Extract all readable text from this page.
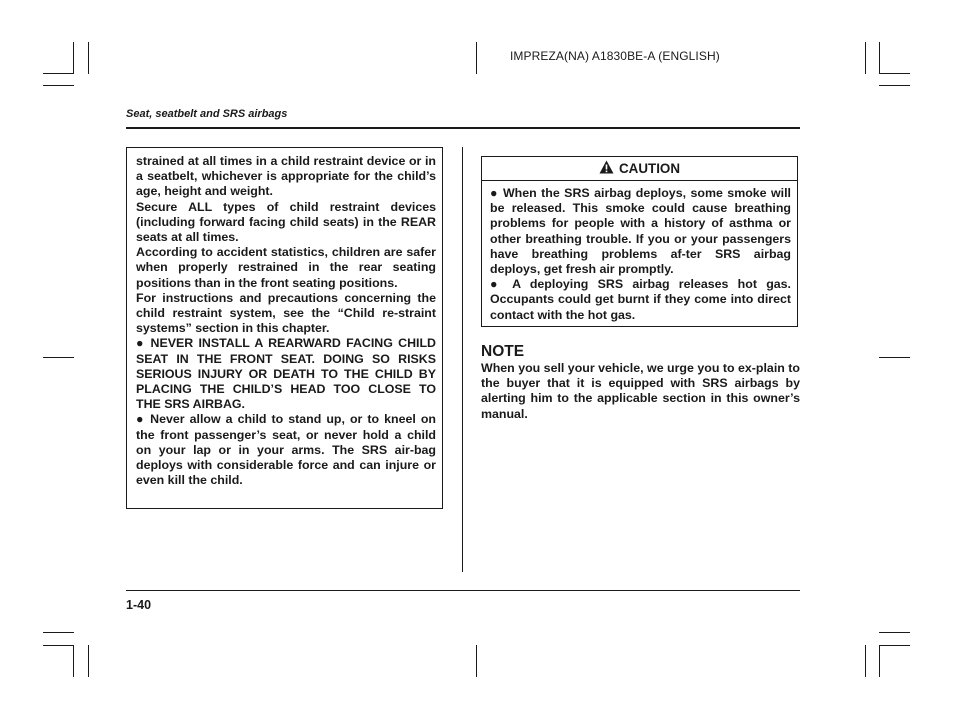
IMPREZA(NA) A1830BE-A (ENGLISH)
Seat, seatbelt and SRS airbags

strained at all times in a child restraint device or in a seatbelt, whichever is appropriate for the child’s age, height and weight.

Secure ALL types of child restraint devices (including forward facing child seats) in the REAR seats at all times.

According to accident statistics, children are safer when properly restrained in the rear seating positions than in the front seating positions.

For instructions and precautions concerning the child restraint system, see the “Child re-straint systems” section in this chapter.

● NEVER INSTALL A REARWARD FACING CHILD SEAT IN THE FRONT SEAT. DOING SO RISKS SERIOUS INJURY OR DEATH TO THE CHILD BY PLACING THE CHILD’S HEAD TOO CLOSE TO THE SRS AIRBAG.

● Never allow a child to stand up, or to kneel on the front passenger’s seat, or never hold a child on your lap or in your arms. The SRS air-bag deploys with considerable force and can injure or even kill the child.

CAUTION

● When the SRS airbag deploys, some smoke will be released. This smoke could cause breathing problems for people with a history of asthma or other breathing trouble. If you or your passengers have breathing problems af-ter SRS airbag deploys, get fresh air promptly.

● A deploying SRS airbag releases hot gas. Occupants could get burnt if they come into direct contact with the hot gas.

NOTE

When you sell your vehicle, we urge you to ex-plain to the buyer that it is equipped with SRS airbags by alerting him to the applicable section in this owner’s manual.

1-40
